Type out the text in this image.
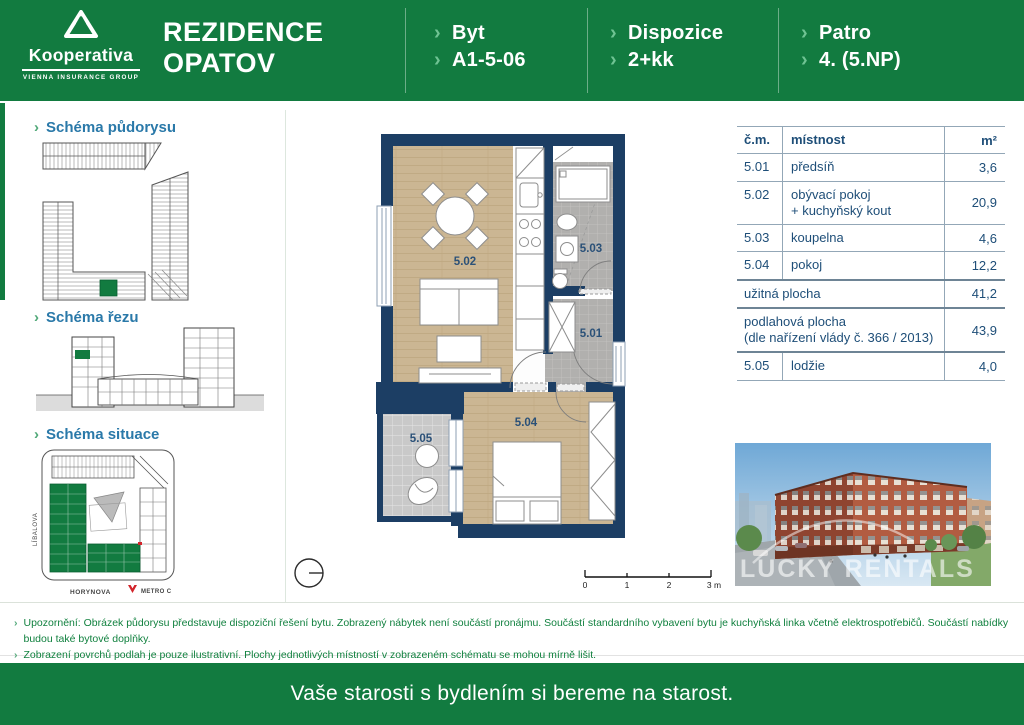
Kooperativa
VIENNA INSURANCE GROUP
REZIDENCE
OPATOV
› Byt
› A1-5-06
› Dispozice
› 2+kk
› Patro
› 4. (5.NP)
› Schéma půdorysu
› Schéma řezu
› Schéma situace
LÍBALOVA
HORYNOVA	METRO C
5.02
5.03
5.01
5.04
5.05
0	1	2	3 m
č.m.	místnost	m²
5.01	předsíň	3,6
5.02	obývací pokoj
+ kuchyňský kout	20,9
5.03	koupelna	4,6
5.04	pokoj	12,2
užitná plocha	41,2
podlahová plocha
(dle nařízení vlády č. 366 / 2013)	43,9
5.05	lodžie	4,0
LUCKY RENTALS
› Upozornění: Obrázek půdorysu představuje dispoziční řešení bytu. Zobrazený nábytek není součástí pronájmu. Součástí standardního vybavení bytu je kuchyňská linka včetně elektrospotřebičů. Součástí nabídky budou také bytové doplňky.
› Zobrazení povrchů podlah je pouze ilustrativní. Plochy jednotlivých místností v zobrazeném schématu se mohou mírně lišit.
Vaše starosti s bydlením si bereme na starost.
